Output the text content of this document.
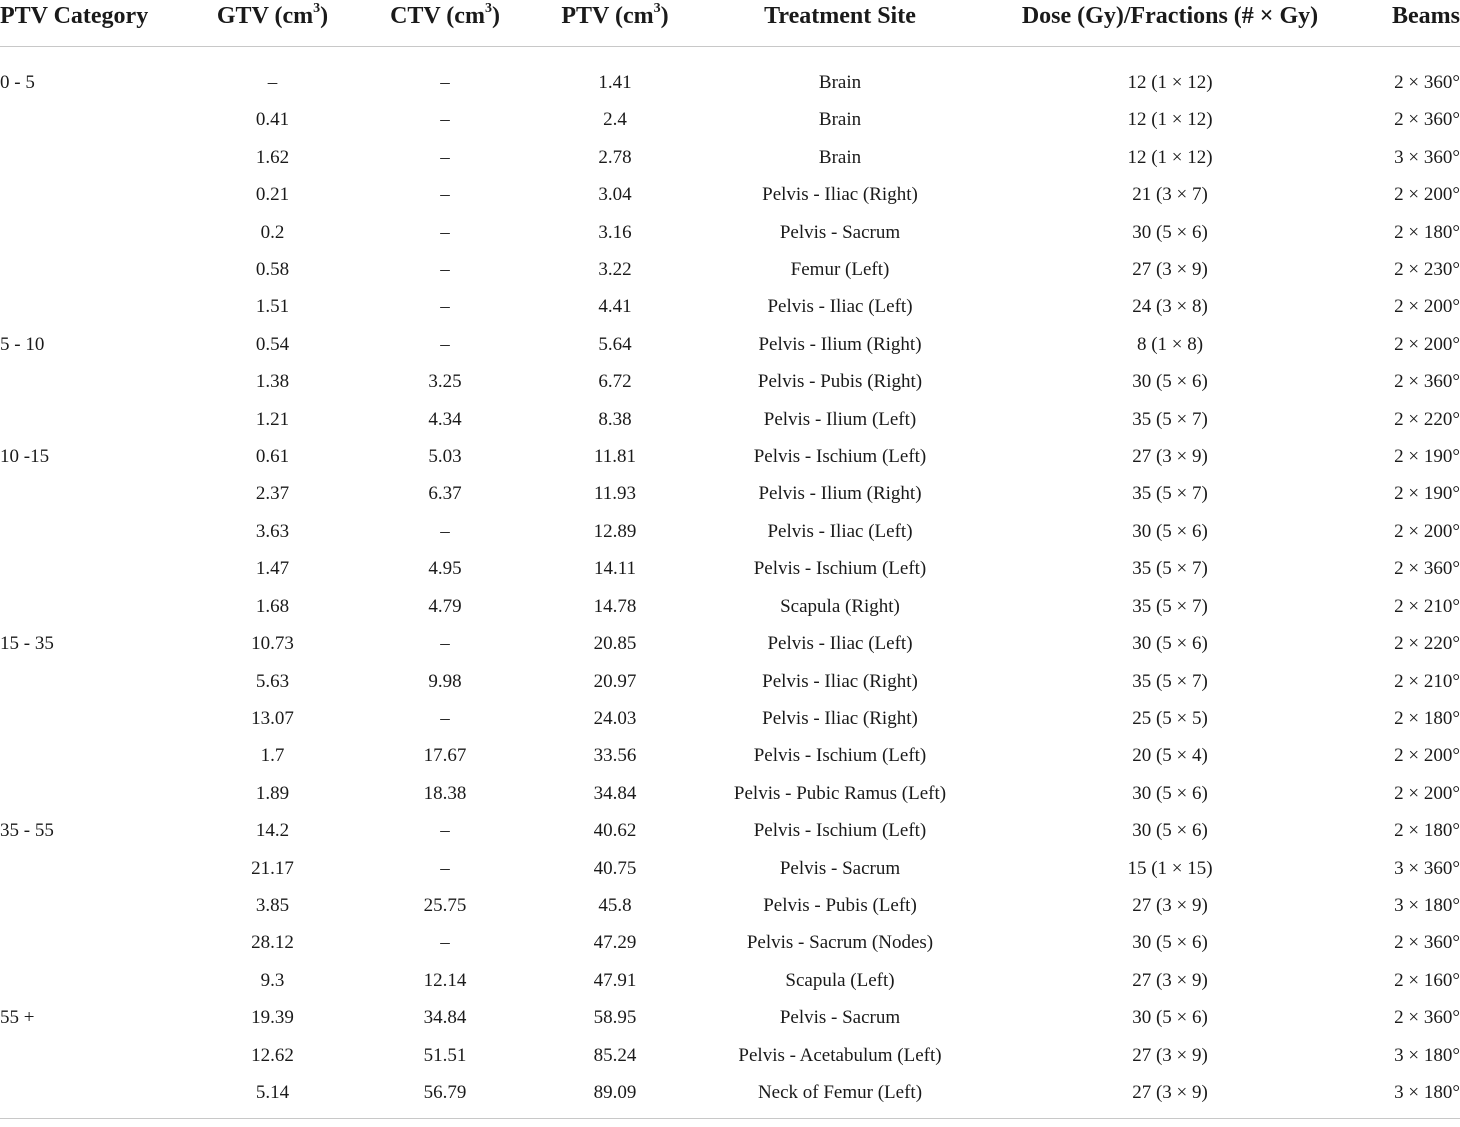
PTV Category	GTV $(cm^3)$	CTV $(cm^3)$	PTV $(cm^3)$	Treatment Site	Dose (Gy)/Fractions (# × Gy)	Beams

0 - 5	–	–	1.41	Brain	12 (1 × 12)	2 × 360°
	0.41	–	2.4	Brain	12 (1 × 12)	2 × 360°
	1.62	–	2.78	Brain	12 (1 × 12)	3 × 360°
	0.21	–	3.04	Pelvis - Iliac (Right)	21 (3 × 7)	2 × 200°
	0.2	–	3.16	Pelvis - Sacrum	30 (5 × 6)	2 × 180°
	0.58	–	3.22	Femur (Left)	27 (3 × 9)	2 × 230°
	1.51	–	4.41	Pelvis - Iliac (Left)	24 (3 × 8)	2 × 200°
5 - 10	0.54	–	5.64	Pelvis - Ilium (Right)	8 (1 × 8)	2 × 200°
	1.38	3.25	6.72	Pelvis - Pubis (Right)	30 (5 × 6)	2 × 360°
	1.21	4.34	8.38	Pelvis - Ilium (Left)	35 (5 × 7)	2 × 220°
10 -15	0.61	5.03	11.81	Pelvis - Ischium (Left)	27 (3 × 9)	2 × 190°
	2.37	6.37	11.93	Pelvis - Ilium (Right)	35 (5 × 7)	2 × 190°
	3.63	–	12.89	Pelvis - Iliac (Left)	30 (5 × 6)	2 × 200°
	1.47	4.95	14.11	Pelvis - Ischium (Left)	35 (5 × 7)	2 × 360°
	1.68	4.79	14.78	Scapula (Right)	35 (5 × 7)	2 × 210°
15 - 35	10.73	–	20.85	Pelvis - Iliac (Left)	30 (5 × 6)	2 × 220°
	5.63	9.98	20.97	Pelvis - Iliac (Right)	35 (5 × 7)	2 × 210°
	13.07	–	24.03	Pelvis - Iliac (Right)	25 (5 × 5)	2 × 180°
	1.7	17.67	33.56	Pelvis - Ischium (Left)	20 (5 × 4)	2 × 200°
	1.89	18.38	34.84	Pelvis - Pubic Ramus (Left)	30 (5 × 6)	2 × 200°
35 - 55	14.2	–	40.62	Pelvis - Ischium (Left)	30 (5 × 6)	2 × 180°
	21.17	–	40.75	Pelvis - Sacrum	15 (1 × 15)	3 × 360°
	3.85	25.75	45.8	Pelvis - Pubis (Left)	27 (3 × 9)	3 × 180°
	28.12	–	47.29	Pelvis - Sacrum (Nodes)	30 (5 × 6)	2 × 360°
	9.3	12.14	47.91	Scapula (Left)	27 (3 × 9)	2 × 160°
55 +	19.39	34.84	58.95	Pelvis - Sacrum	30 (5 × 6)	2 × 360°
	12.62	51.51	85.24	Pelvis - Acetabulum (Left)	27 (3 × 9)	3 × 180°
	5.14	56.79	89.09	Neck of Femur (Left)	27 (3 × 9)	3 × 180°
